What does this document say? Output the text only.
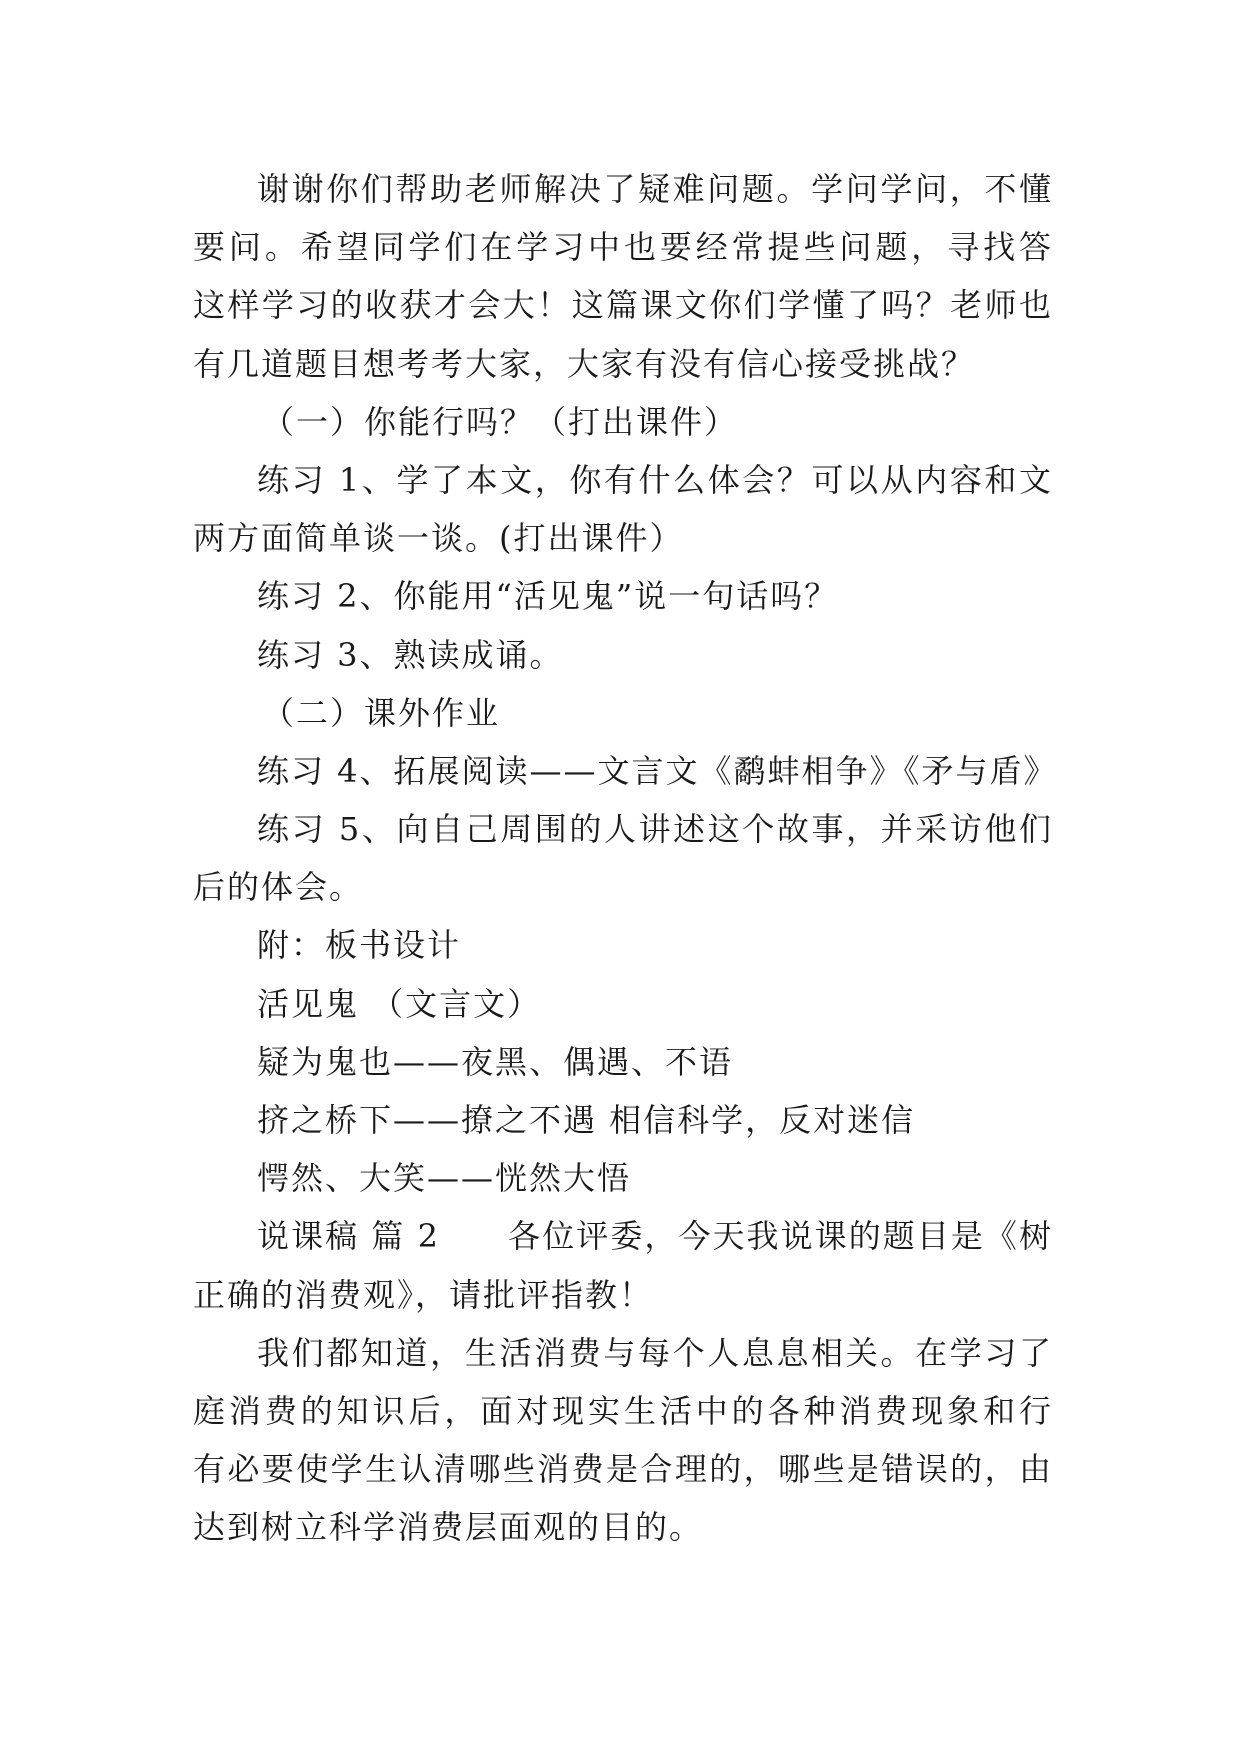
谢谢你们帮助老师解决了疑难问题。学问学问，不懂
要问。希望同学们在学习中也要经常提些问题，寻找答
这样学习的收获才会大！这篇课文你们学懂了吗？老师也
有几道题目想考考大家，大家有没有信心接受挑战？
（一）你能行吗？（打出课件）
练习 1、学了本文，你有什么体会？可以从内容和文
两方面简单谈一谈。(打出课件）
练习 2、你能用“活见鬼”说一句话吗？
练习 3、熟读成诵。
（二）课外作业
练习 4、拓展阅读——文言文《鹬蚌相争》《矛与盾》
练习 5、向自己周围的人讲述这个故事，并采访他们
后的体会。
附：板书设计
活见鬼 （文言文）
疑为鬼也——夜黑、偶遇、不语
挤之桥下——撩之不遇 相信科学，反对迷信
愕然、大笑——恍然大悟
说课稿 篇 2　　各位评委，今天我说课的题目是《树
正确的消费观》，请批评指教！
我们都知道，生活消费与每个人息息相关。在学习了
庭消费的知识后，面对现实生活中的各种消费现象和行
有必要使学生认清哪些消费是合理的，哪些是错误的，由
达到树立科学消费层面观的目的。
